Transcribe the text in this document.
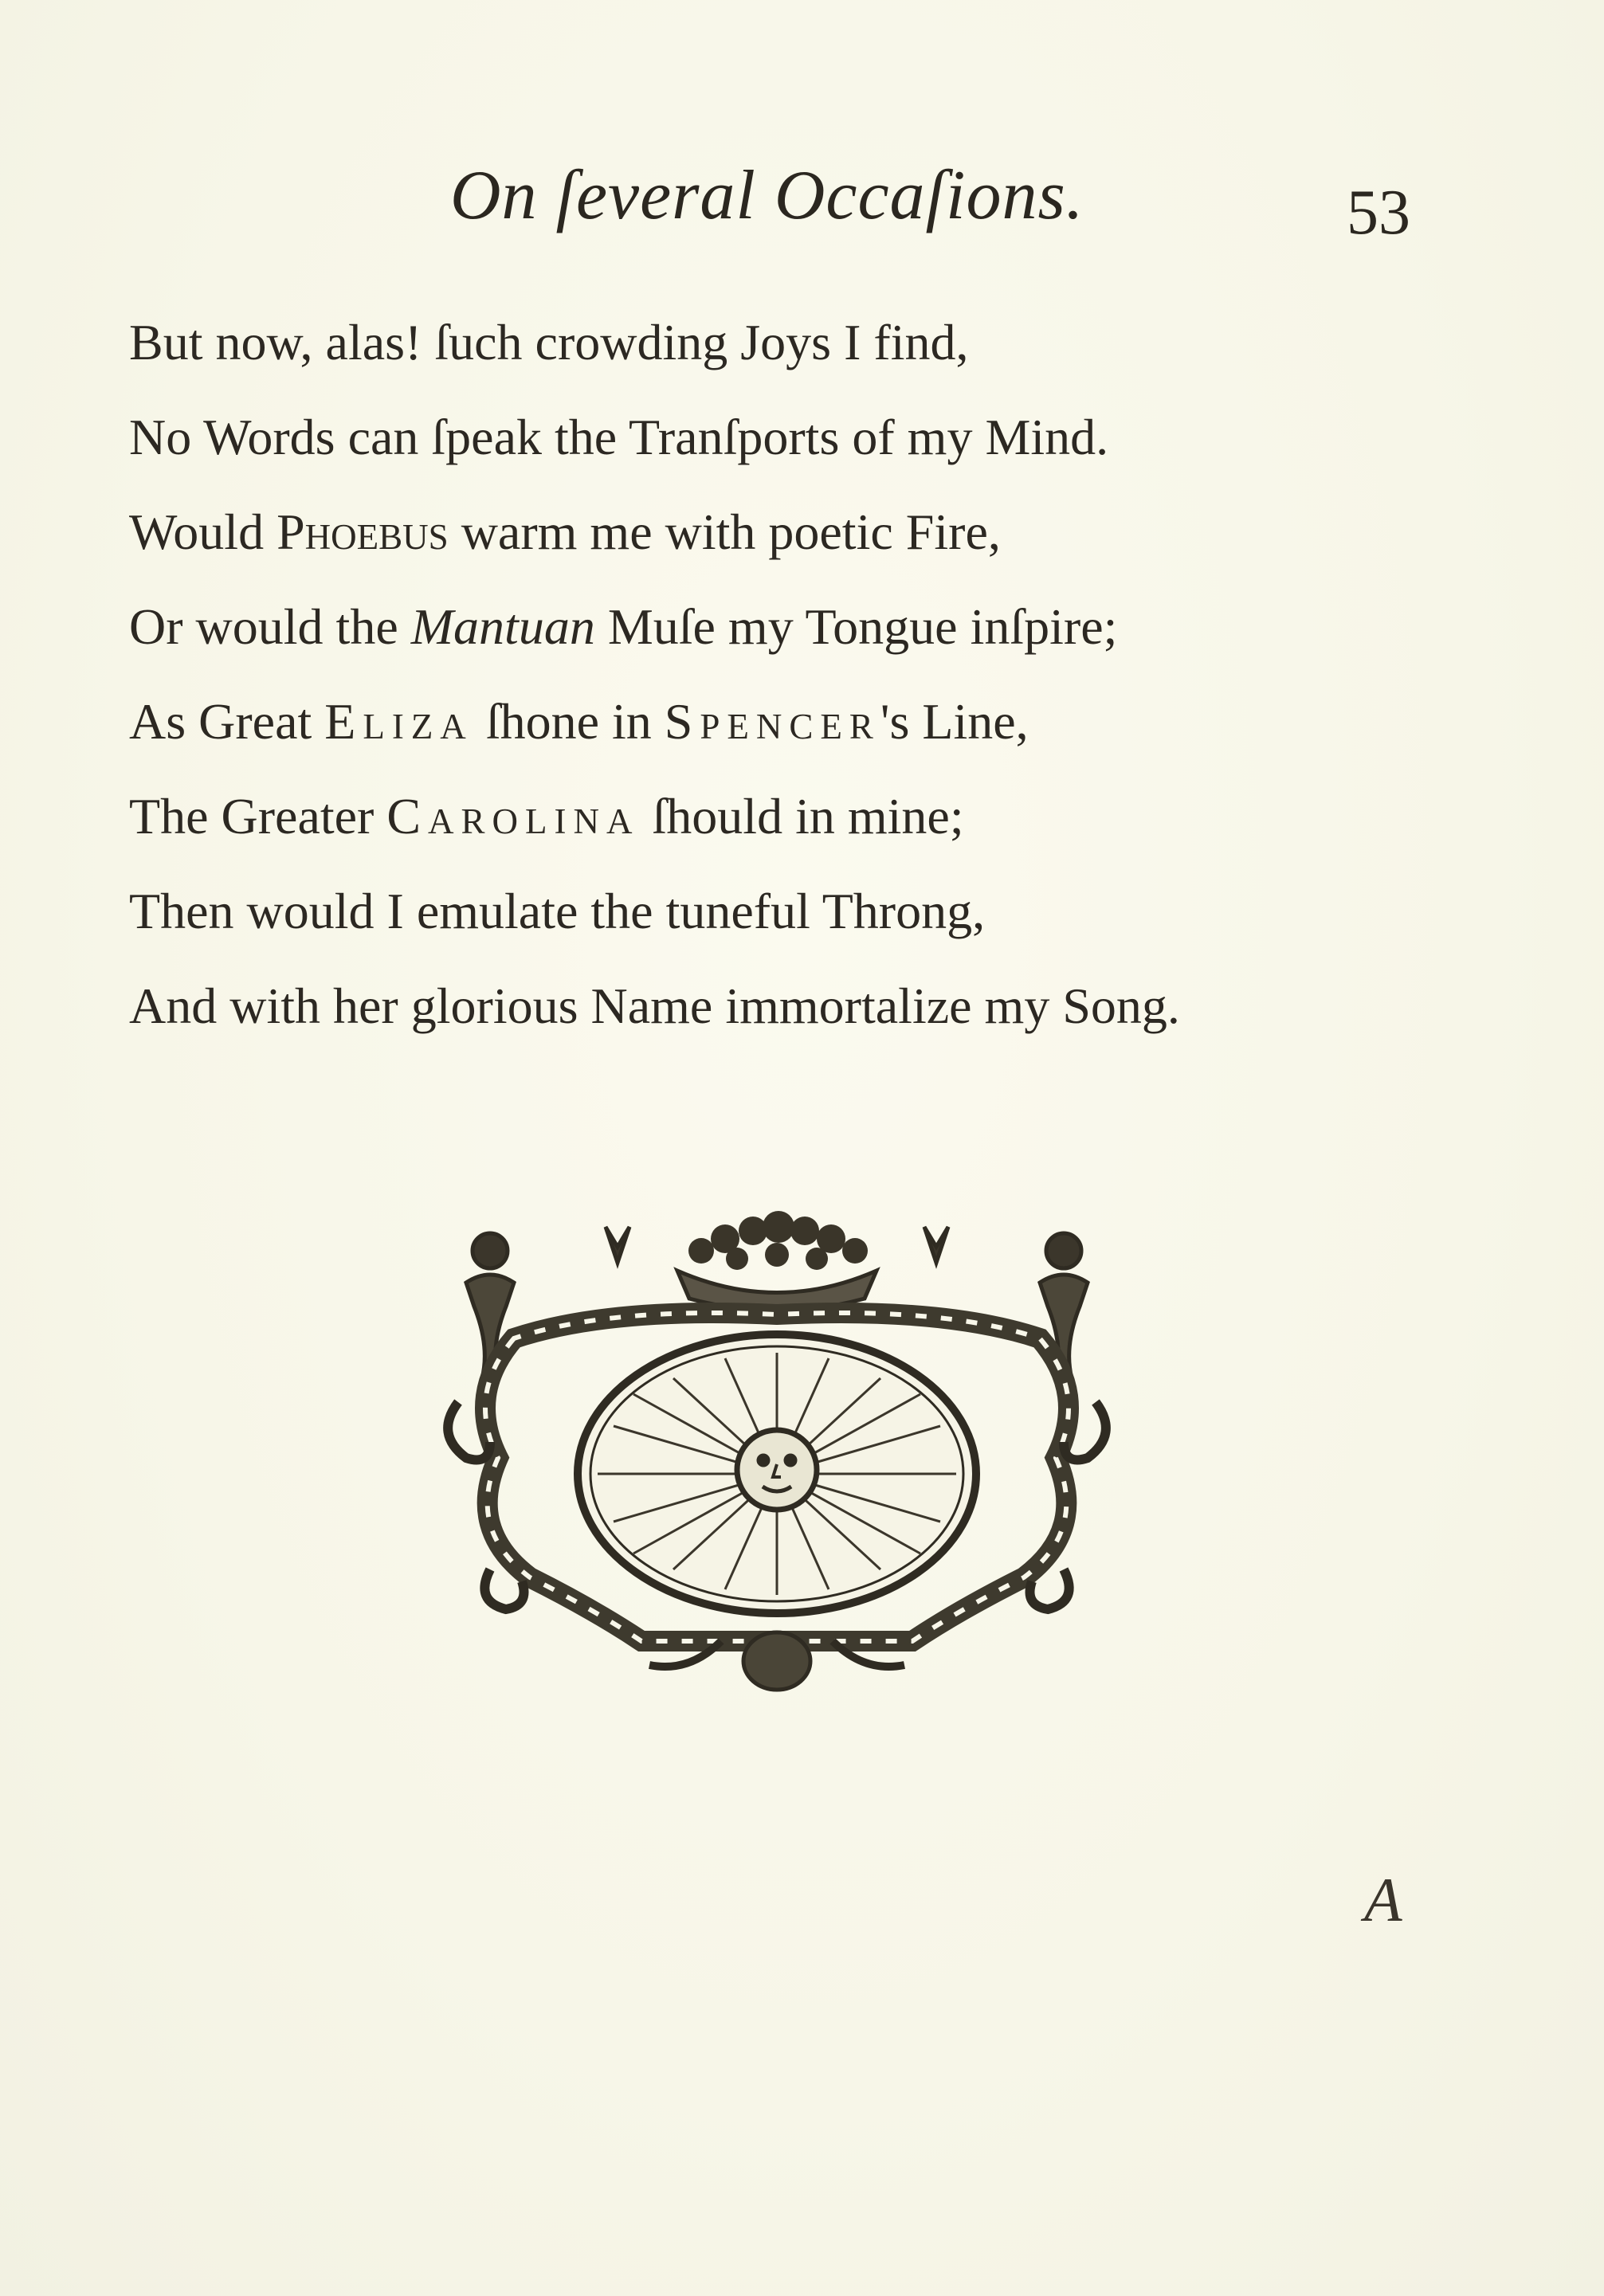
On ſeveral Occaſions.	53
But now, alas! ſuch crowding Joys I find,
No Words can ſpeak the Tranſports of my Mind.
Would Phoebus warm me with poetic Fire,
Or would the Mantuan Muſe my Tongue inſpire;
As Great Eliza ſhone in Spencer's Line,
The Greater Carolina ſhould in mine;
Then would I emulate the tuneful Throng,
And with her glorious Name immortalize my Song.
A
